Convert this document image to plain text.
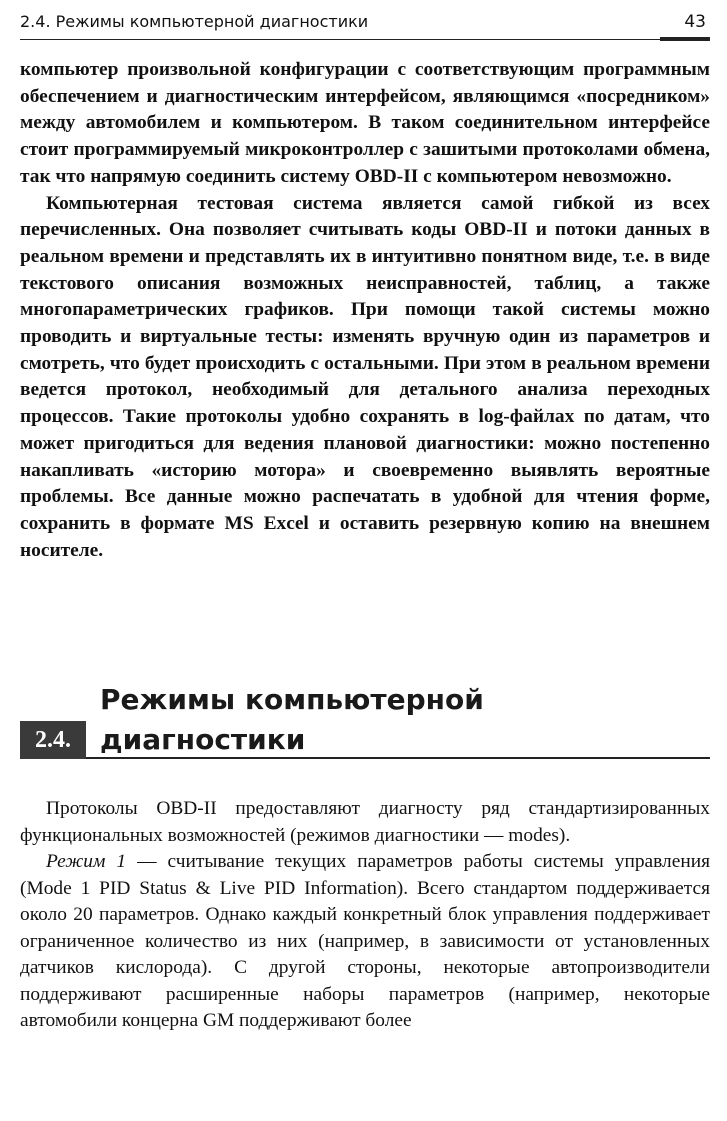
2.4. Режимы компьютерной диагностики	43

компьютер произвольной конфигурации с соответствующим программным обеспечением и диагностическим интерфейсом, являющимся «посредником» между автомобилем и компьютером. В таком соединительном интерфейсе стоит программируемый микроконтроллер с зашитыми протоколами обмена, так что напрямую соединить систему OBD-II с компьютером невозможно.

Компьютерная тестовая система является самой гибкой из всех перечисленных. Она позволяет считывать коды OBD-II и потоки данных в реальном времени и представлять их в интуитивно понятном виде, т.е. в виде текстового описания возможных неисправностей, таблиц, а также многопараметрических графиков. При помощи такой системы можно проводить и виртуальные тесты: изменять вручную один из параметров и смотреть, что будет происходить с остальными. При этом в реальном времени ведется протокол, необходимый для детального анализа переходных процессов. Такие протоколы удобно сохранять в log-файлах по датам, что может пригодиться для ведения плановой диагностики: можно постепенно накапливать «историю мотора» и своевременно выявлять вероятные проблемы. Все данные можно распечатать в удобной для чтения форме, сохранить в формате MS Excel и оставить резервную копию на внешнем носителе.

Режимы компьютерной
диагностики
2.4.

Протоколы OBD-II предоставляют диагносту ряд стандартизированных функциональных возможностей (режимов диагностики — modes).

Режим 1 — считывание текущих параметров работы системы управления (Mode 1 PID Status & Live PID Information). Всего стандартом поддерживается около 20 параметров. Однако каждый конкретный блок управления поддерживает ограниченное количество из них (например, в зависимости от установленных датчиков кислорода). С другой стороны, некоторые автопроизводители поддерживают расширенные наборы параметров (например, некоторые автомобили концерна GM поддерживают более
